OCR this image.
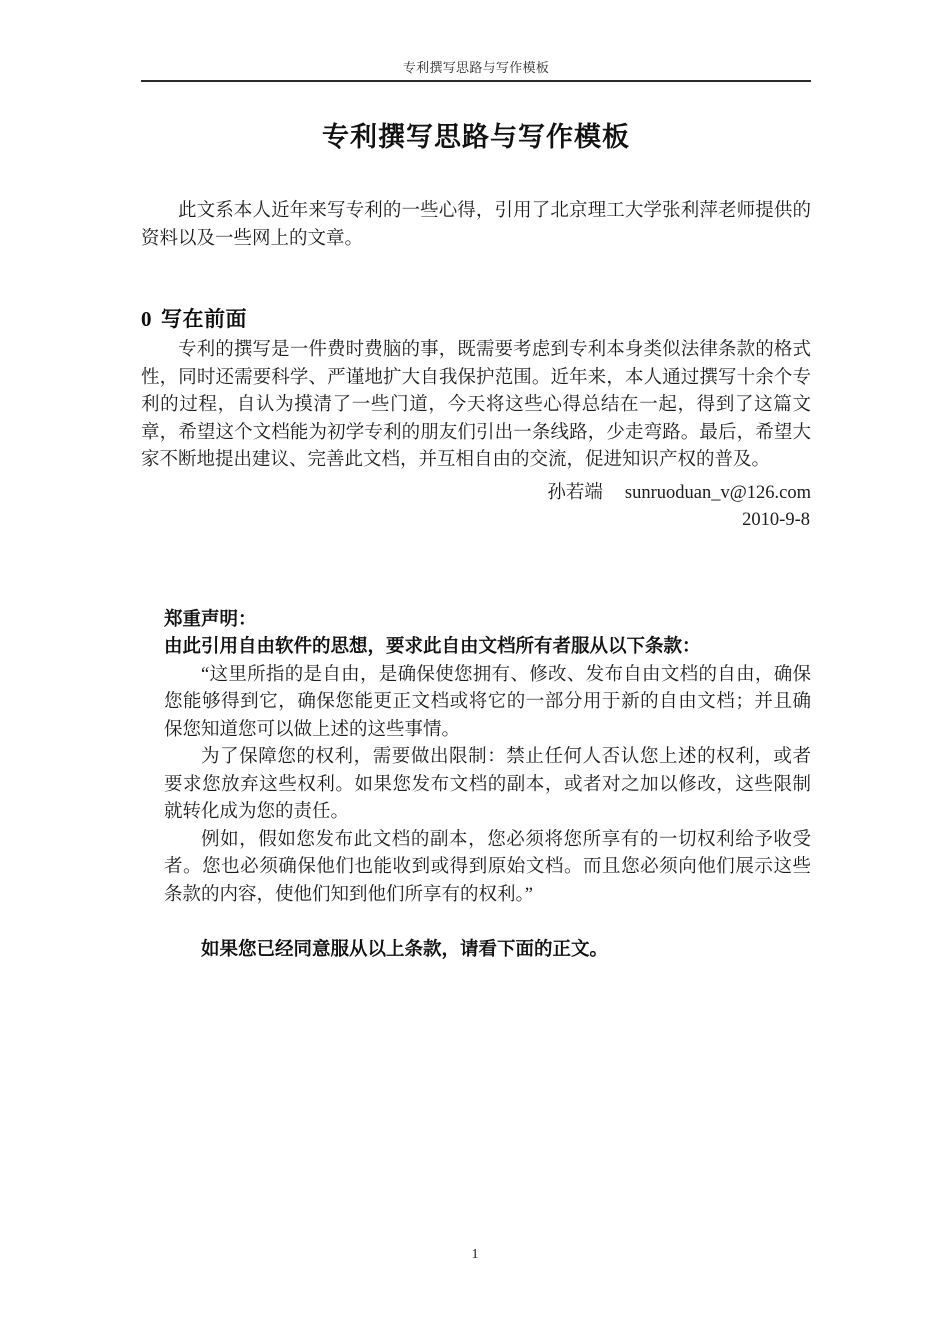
专利撰写思路与写作模板
专利撰写思路与写作模板

此文系本人近年来写专利的一些心得，引用了北京理工大学张利萍老师提供的资料以及一些网上的文章。

0 写在前面

专利的撰写是一件费时费脑的事，既需要考虑到专利本身类似法律条款的格式性，同时还需要科学、严谨地扩大自我保护范围。近年来，本人通过撰写十余个专利的过程，自认为摸清了一些门道，今天将这些心得总结在一起，得到了这篇文章，希望这个文档能为初学专利的朋友们引出一条线路，少走弯路。最后，希望大家不断地提出建议、完善此文档，并互相自由的交流，促进知识产权的普及。

孙若端 sunruoduan_v@126.com
2010-9-8

郑重声明：

由此引用自由软件的思想，要求此自由文档所有者服从以下条款：

“这里所指的是自由，是确保使您拥有、修改、发布自由文档的自由，确保您能够得到它，确保您能更正文档或将它的一部分用于新的自由文档；并且确保您知道您可以做上述的这些事情。

为了保障您的权利，需要做出限制：禁止任何人否认您上述的权利，或者要求您放弃这些权利。如果您发布文档的副本，或者对之加以修改，这些限制就转化成为您的责任。

例如，假如您发布此文档的副本，您必须将您所享有的一切权利给予收受者。您也必须确保他们也能收到或得到原始文档。而且您必须向他们展示这些条款的内容，使他们知到他们所享有的权利。”

如果您已经同意服从以上条款，请看下面的正文。

1
